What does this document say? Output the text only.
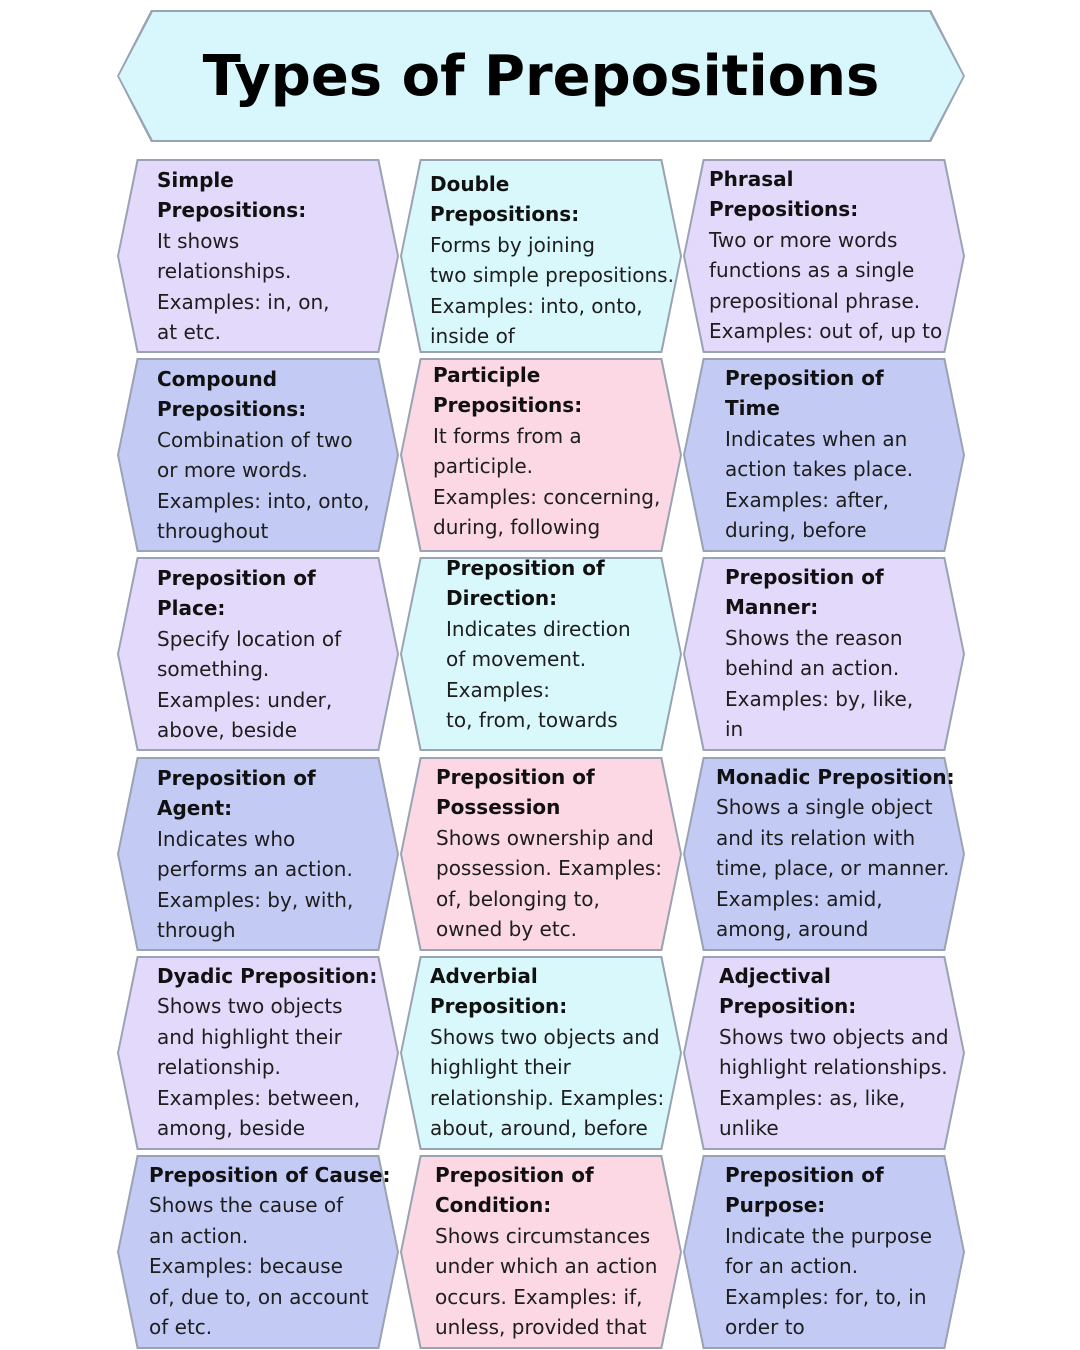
Types of Prepositions
Simple
Prepositions:
It shows
relationships.
Examples: in, on,
at etc.
Double
Prepositions:
Forms by joining
two simple prepositions.
Examples: into, onto,
inside of
Phrasal
Prepositions:
Two or more words
functions as a single
prepositional phrase.
Examples: out of, up to
Compound
Prepositions:
Combination of two
or more words.
Examples: into, onto,
throughout
Participle
Prepositions:
It forms from a
participle.
Examples: concerning,
during, following
Preposition of
Time
Indicates when an
action takes place.
Examples: after,
during, before
Preposition of
Place:
Specify location of
something.
Examples: under,
above, beside
Preposition of
Direction:
Indicates direction
of movement.
Examples:
to, from, towards
Preposition of
Manner:
Shows the reason
behind an action.
Examples: by, like,
in
Preposition of
Agent:
Indicates who
performs an action.
Examples: by, with,
through
Preposition of
Possession
Shows ownership and
possession. Examples:
of, belonging to,
owned by etc.
Monadic Preposition:
Shows a single object
and its relation with
time, place, or manner.
Examples: amid,
among, around
Dyadic Preposition:
Shows two objects
and highlight their
relationship.
Examples: between,
among, beside
Adverbial
Preposition:
Shows two objects and
highlight their
relationship. Examples:
about, around, before
Adjectival
Preposition:
Shows two objects and
highlight relationships.
Examples: as, like,
unlike
Preposition of Cause:
Shows the cause of
an action.
Examples: because
of, due to, on account
of etc.
Preposition of
Condition:
Shows circumstances
under which an action
occurs. Examples: if,
unless, provided that
Preposition of
Purpose:
Indicate the purpose
for an action.
Examples: for, to, in
order to
